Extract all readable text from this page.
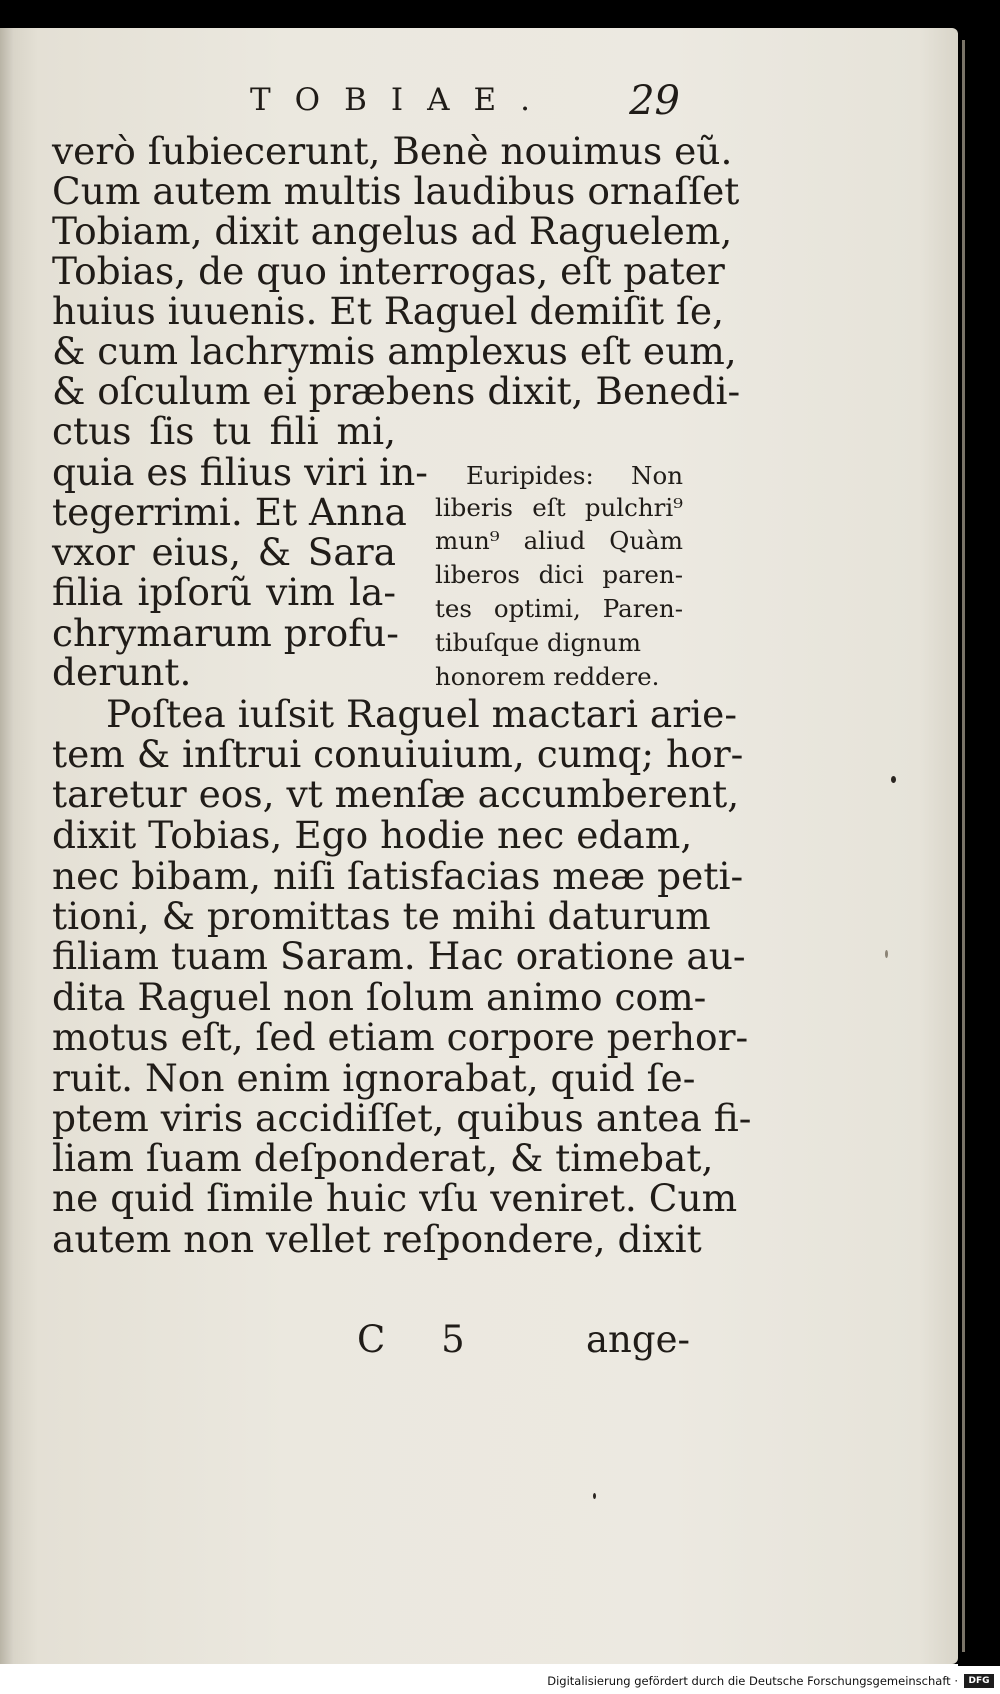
TOBIAE. 29
verò ſubiecerunt, Benè nouimus eũ.
Cum autem multis laudibus ornaſſet
Tobiam, dixit angelus ad Raguelem,
Tobias, de quo interrogas, eſt pater
huius iuuenis. Et Raguel demiſit ſe,
& cum lachrymis amplexus eſt eum,
& oſculum ei præbens dixit, Benedi-
ctus ſis tu fili mi,
quia es filius viri in-
tegerrimi. Et Anna
vxor eius, & Sara
filia ipſorũ vim la-
chrymarum profu-
derunt.
Poſtea iuſsit Raguel mactari arie-
tem & inſtrui conuiuium, cumq; hor-
taretur eos, vt menſæ accumberent,
dixit Tobias, Ego hodie nec edam,
nec bibam, niſi ſatisfacias meæ peti-
tioni, & promittas te mihi daturum
filiam tuam Saram. Hac oratione au-
dita Raguel non ſolum animo com-
motus eſt, ſed etiam corpore perhor-
ruit. Non enim ignorabat, quid ſe-
ptem viris accidiſſet, quibus antea fi-
liam ſuam deſponderat, & timebat,
ne quid ſimile huic vſu veniret. Cum
autem non vellet reſpondere, dixit
Euripides: Non
liberis eſt pulchri⁹
mun⁹ aliud Quàm
liberos dici paren-
tes optimi, Paren-
tibuſque dignum
honorem reddere.
C 5	ange-
Digitalisierung gefördert durch die Deutsche Forschungsgemeinschaft ·	DFG
